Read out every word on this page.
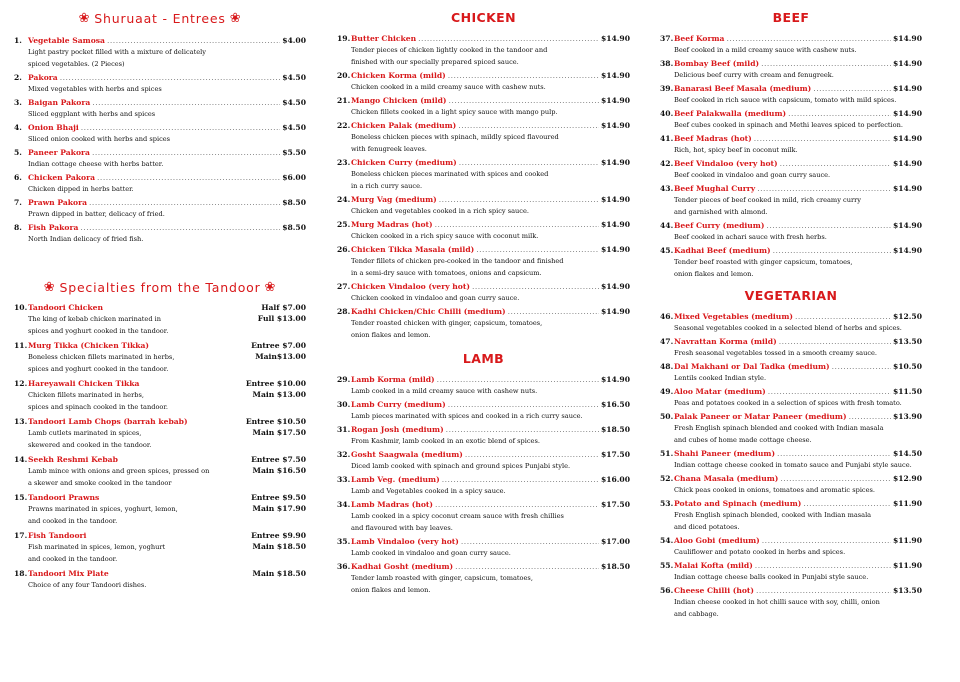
❀ Shuruaat - Entrees ❀
1. Vegetable Samosa .....	$4.00
Light pastry pocket filled with a mixture of delicately
spiced vegetables. (2 Pieces)
2. Pakora .....	$4.50
Mixed vegetables with herbs and spices
3. Baigan Pakora .....	$4.50
Sliced eggplant with herbs and spices
4. Onion Bhaji .....	$4.50
Sliced onion cooked with herbs and spices
5. Paneer Pakora .....	$5.50
Indian cottage cheese with herbs batter.
6. Chicken Pakora .....	$6.00
Chicken dipped in herbs batter.
7. Prawn Pakora .....	$8.50
Prawn dipped in batter, delicacy of fried.
8. Fish Pakora .....	$8.50
North Indian delicacy of fried fish.
❀ Specialties from the Tandoor ❀
10. Tandoori Chicken	Half $7.00
The king of kebab chicken marinated in	Full $13.00
spices and yoghurt cooked in the tandoor.
11. Murg Tikka (Chicken Tikka)	Entree $7.00
Boneless chicken fillets marinated in herbs,	Main$13.00
spices and yoghurt cooked in the tandoor.
12. Hareyawali Chicken Tikka	Entree $10.00
Chicken fillets marinated in herbs,	Main $13.00
spices and spinach cooked in the tandoor.
13. Tandoori Lamb Chops (barrah kebab)	Entree $10.50
Lamb cutlets marinated in spices,	Main $17.50
skewered and cooked in the tandoor.
14. Seekh Reshmi Kebab	Entree $7.50
Lamb mince with onions and green spices, pressed on	Main $16.50
a skewer and smoke cooked in the tandoor
15. Tandoori Prawns	Entree $9.50
Prawns marinated in spices, yoghurt, lemon,	Main $17.90
and cooked in the tandoor.
17. Fish Tandoori	Entree $9.90
Fish marinated in spices, lemon, yoghurt	Main $18.50
and cooked in the tandoor.
18. Tandoori Mix Plate	Main $18.50
Choice of any four Tandoori dishes.
CHICKEN
19. Butter Chicken .....	$14.90
Tender pieces of chicken lightly cooked in the tandoor and
finished with our specially prepared spiced sauce.
20. Chicken Korma (mild) .....	$14.90
Chicken cooked in a mild creamy sauce with cashew nuts.
21. Mango Chicken (mild) .....	$14.90
Chicken fillets cooked in a light spicy sauce with mango pulp.
22. Chicken Palak (medium) .....	$14.90
Boneless chicken pieces with spinach, mildly spiced flavoured
with fenugreek leaves.
23. Chicken Curry (medium) .....	$14.90
Boneless chicken pieces marinated with spices and cooked
in a rich curry sauce.
24. Murg Vag (medium) .....	$14.90
Chicken and vegetables cooked in a rich spicy sauce.
25. Murg Madras (hot) .....	$14.90
Chicken cooked in a rich spicy sauce with coconut milk.
26. Chicken Tikka Masala (mild) .....	$14.90
Tender fillets of chicken pre-cooked in the tandoor and finished
in a semi-dry sauce with tomatoes, onions and capsicum.
27. Chicken Vindaloo (very hot) .....	$14.90
Chicken cooked in vindaloo and goan curry sauce.
28. Kadhi Chicken/Chic Chilli (medium) .....	$14.90
Tender roasted chicken with ginger, capsicum, tomatoes,
onion flakes and lemon.
LAMB
29. Lamb Korma (mild) .....	$14.90
Lamb cooked in a mild creamy sauce with cashew nuts.
30. Lamb Curry (medium) .....	$16.50
Lamb pieces marinated with spices and cooked in a rich curry sauce.
31. Rogan Josh (medium) .....	$18.50
From Kashmir, lamb cooked in an exotic blend of spices.
32. Gosht Saagwala (medium) .....	$17.50
Diced lamb cooked with spinach and ground spices Punjabi style.
33. Lamb Veg. (medium) .....	$16.00
Lamb and Vegetables cooked in a spicy sauce.
34. Lamb Madras (hot) .....	$17.50
Lamb cooked in a spicy coconut cream sauce with fresh chillies
and flavoured with bay leaves.
35. Lamb Vindaloo (very hot) .....	$17.00
Lamb cooked in vindaloo and goan curry sauce.
36. Kadhai Gosht (medium) .....	$18.50
Tender lamb roasted with ginger, capsicum, tomatoes,
onion flakes and lemon.
BEEF
37. Beef Korma .....	$14.90
Beef cooked in a mild creamy sauce with cashew nuts.
38. Bombay Beef (mild) .....	$14.90
Delicious beef curry with cream and fenugreek.
39. Banarasi Beef Masala (medium) .....	$14.90
Beef cooked in rich sauce with capsicum, tomato with mild spices.
40. Beef Palakwalla (medium) .....	$14.90
Beef cubes cooked in spinach and Methi leaves spiced to perfection.
41. Beef Madras (hot) .....	$14.90
Rich, hot, spicy beef in coconut milk.
42. Beef Vindaloo (very hot) .....	$14.90
Beef cooked in vindaloo and goan curry sauce.
43. Beef Mughal Curry .....	$14.90
Tender pieces of beef cooked in mild, rich creamy curry
and garnished with almond.
44. Beef Curry (medium) .....	$14.90
Beef cooked in achari sauce with fresh herbs.
45. Kadhai Beef (medium) .....	$14.90
Tender beef roasted with ginger capsicum, tomatoes,
onion flakes and lemon.
VEGETARIAN
46. Mixed Vegetables (medium) .....	$12.50
Seasonal vegetables cooked in a selected blend of herbs and spices.
47. Navrattan Korma (mild) .....	$13.50
Fresh seasonal vegetables tossed in a smooth creamy sauce.
48. Dal Makhani or Dal Tadka (medium) .....	$10.50
Lentils cooked Indian style.
49. Aloo Matar (medium) .....	$11.50
Peas and potatoes cooked in a selection of spices with fresh tomato.
50. Palak Paneer or Matar Paneer (medium) .....	$13.90
Fresh English spinach blended and cooked with Indian masala
and cubes of home made cottage cheese.
51. Shahi Paneer (medium) .....	$14.50
Indian cottage cheese cooked in tomato sauce and Punjabi style sauce.
52. Chana Masala (medium) .....	$12.90
Chick peas cooked in onions, tomatoes and aromatic spices.
53. Potato and Spinach (medium) .....	$11.90
Fresh English spinach blended, cooked with Indian masala
and diced potatoes.
54. Aloo Gobi (medium) .....	$11.90
Cauliflower and potato cooked in herbs and spices.
55. Malai Kofta (mild) .....	$11.90
Indian cottage cheese balls cooked in Punjabi style sauce.
56. Cheese Chilli (hot) .....	$13.50
Indian cheese cooked in hot chilli sauce with soy, chilli, onion
and cabbage.
